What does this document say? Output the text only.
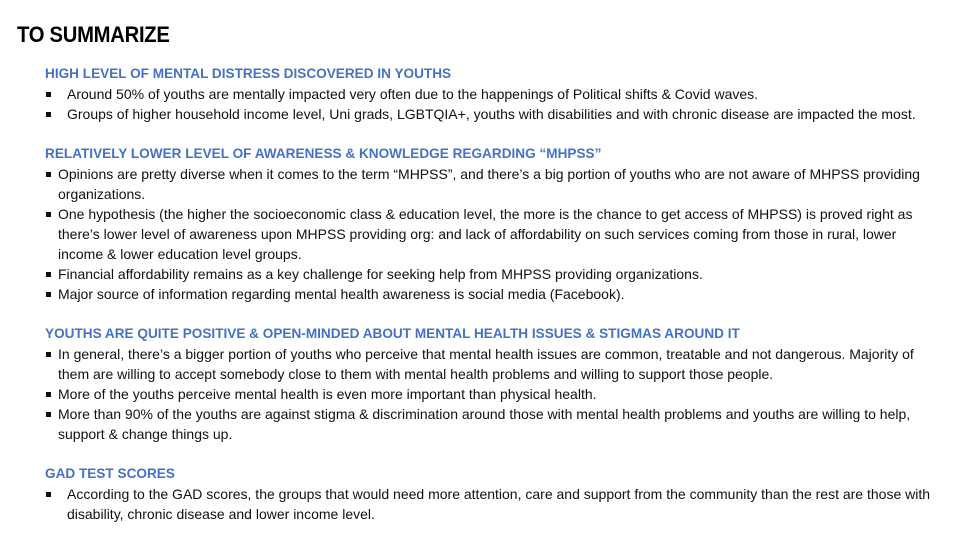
TO SUMMARIZE
HIGH LEVEL OF MENTAL DISTRESS DISCOVERED IN YOUTHS
Around 50% of youths are mentally impacted very often due to the happenings of Political shifts & Covid waves.
Groups of higher household income level, Uni grads, LGBTQIA+, youths with disabilities and with chronic disease are impacted the most.
RELATIVELY LOWER LEVEL OF AWARENESS & KNOWLEDGE REGARDING “MHPSS”
Opinions are pretty diverse when it comes to the term “MHPSS”, and there’s a big portion of youths who are not aware of MHPSS providing organizations.
One hypothesis (the higher the socioeconomic class & education level, the more is the chance to get access of MHPSS) is proved right as there’s lower level of awareness upon MHPSS providing org: and lack of affordability on such services coming from those in rural, lower income & lower education level groups.
Financial affordability remains as a key challenge for seeking help from MHPSS providing organizations.
Major source of information regarding mental health awareness is social media (Facebook).
YOUTHS ARE QUITE POSITIVE & OPEN-MINDED ABOUT MENTAL HEALTH ISSUES & STIGMAS AROUND IT
In general, there’s a bigger portion of youths who perceive that mental health issues are common, treatable and not dangerous. Majority of them are willing to accept somebody close to them with mental health problems and willing to support those people.
More of the youths perceive mental health is even more important than physical health.
More than 90% of the youths are against stigma & discrimination around those with mental health problems and youths are willing to help, support & change things up.
GAD TEST SCORES
According to the GAD scores, the groups that would need more attention, care and support from the community than the rest are those with disability, chronic disease and lower income level.
